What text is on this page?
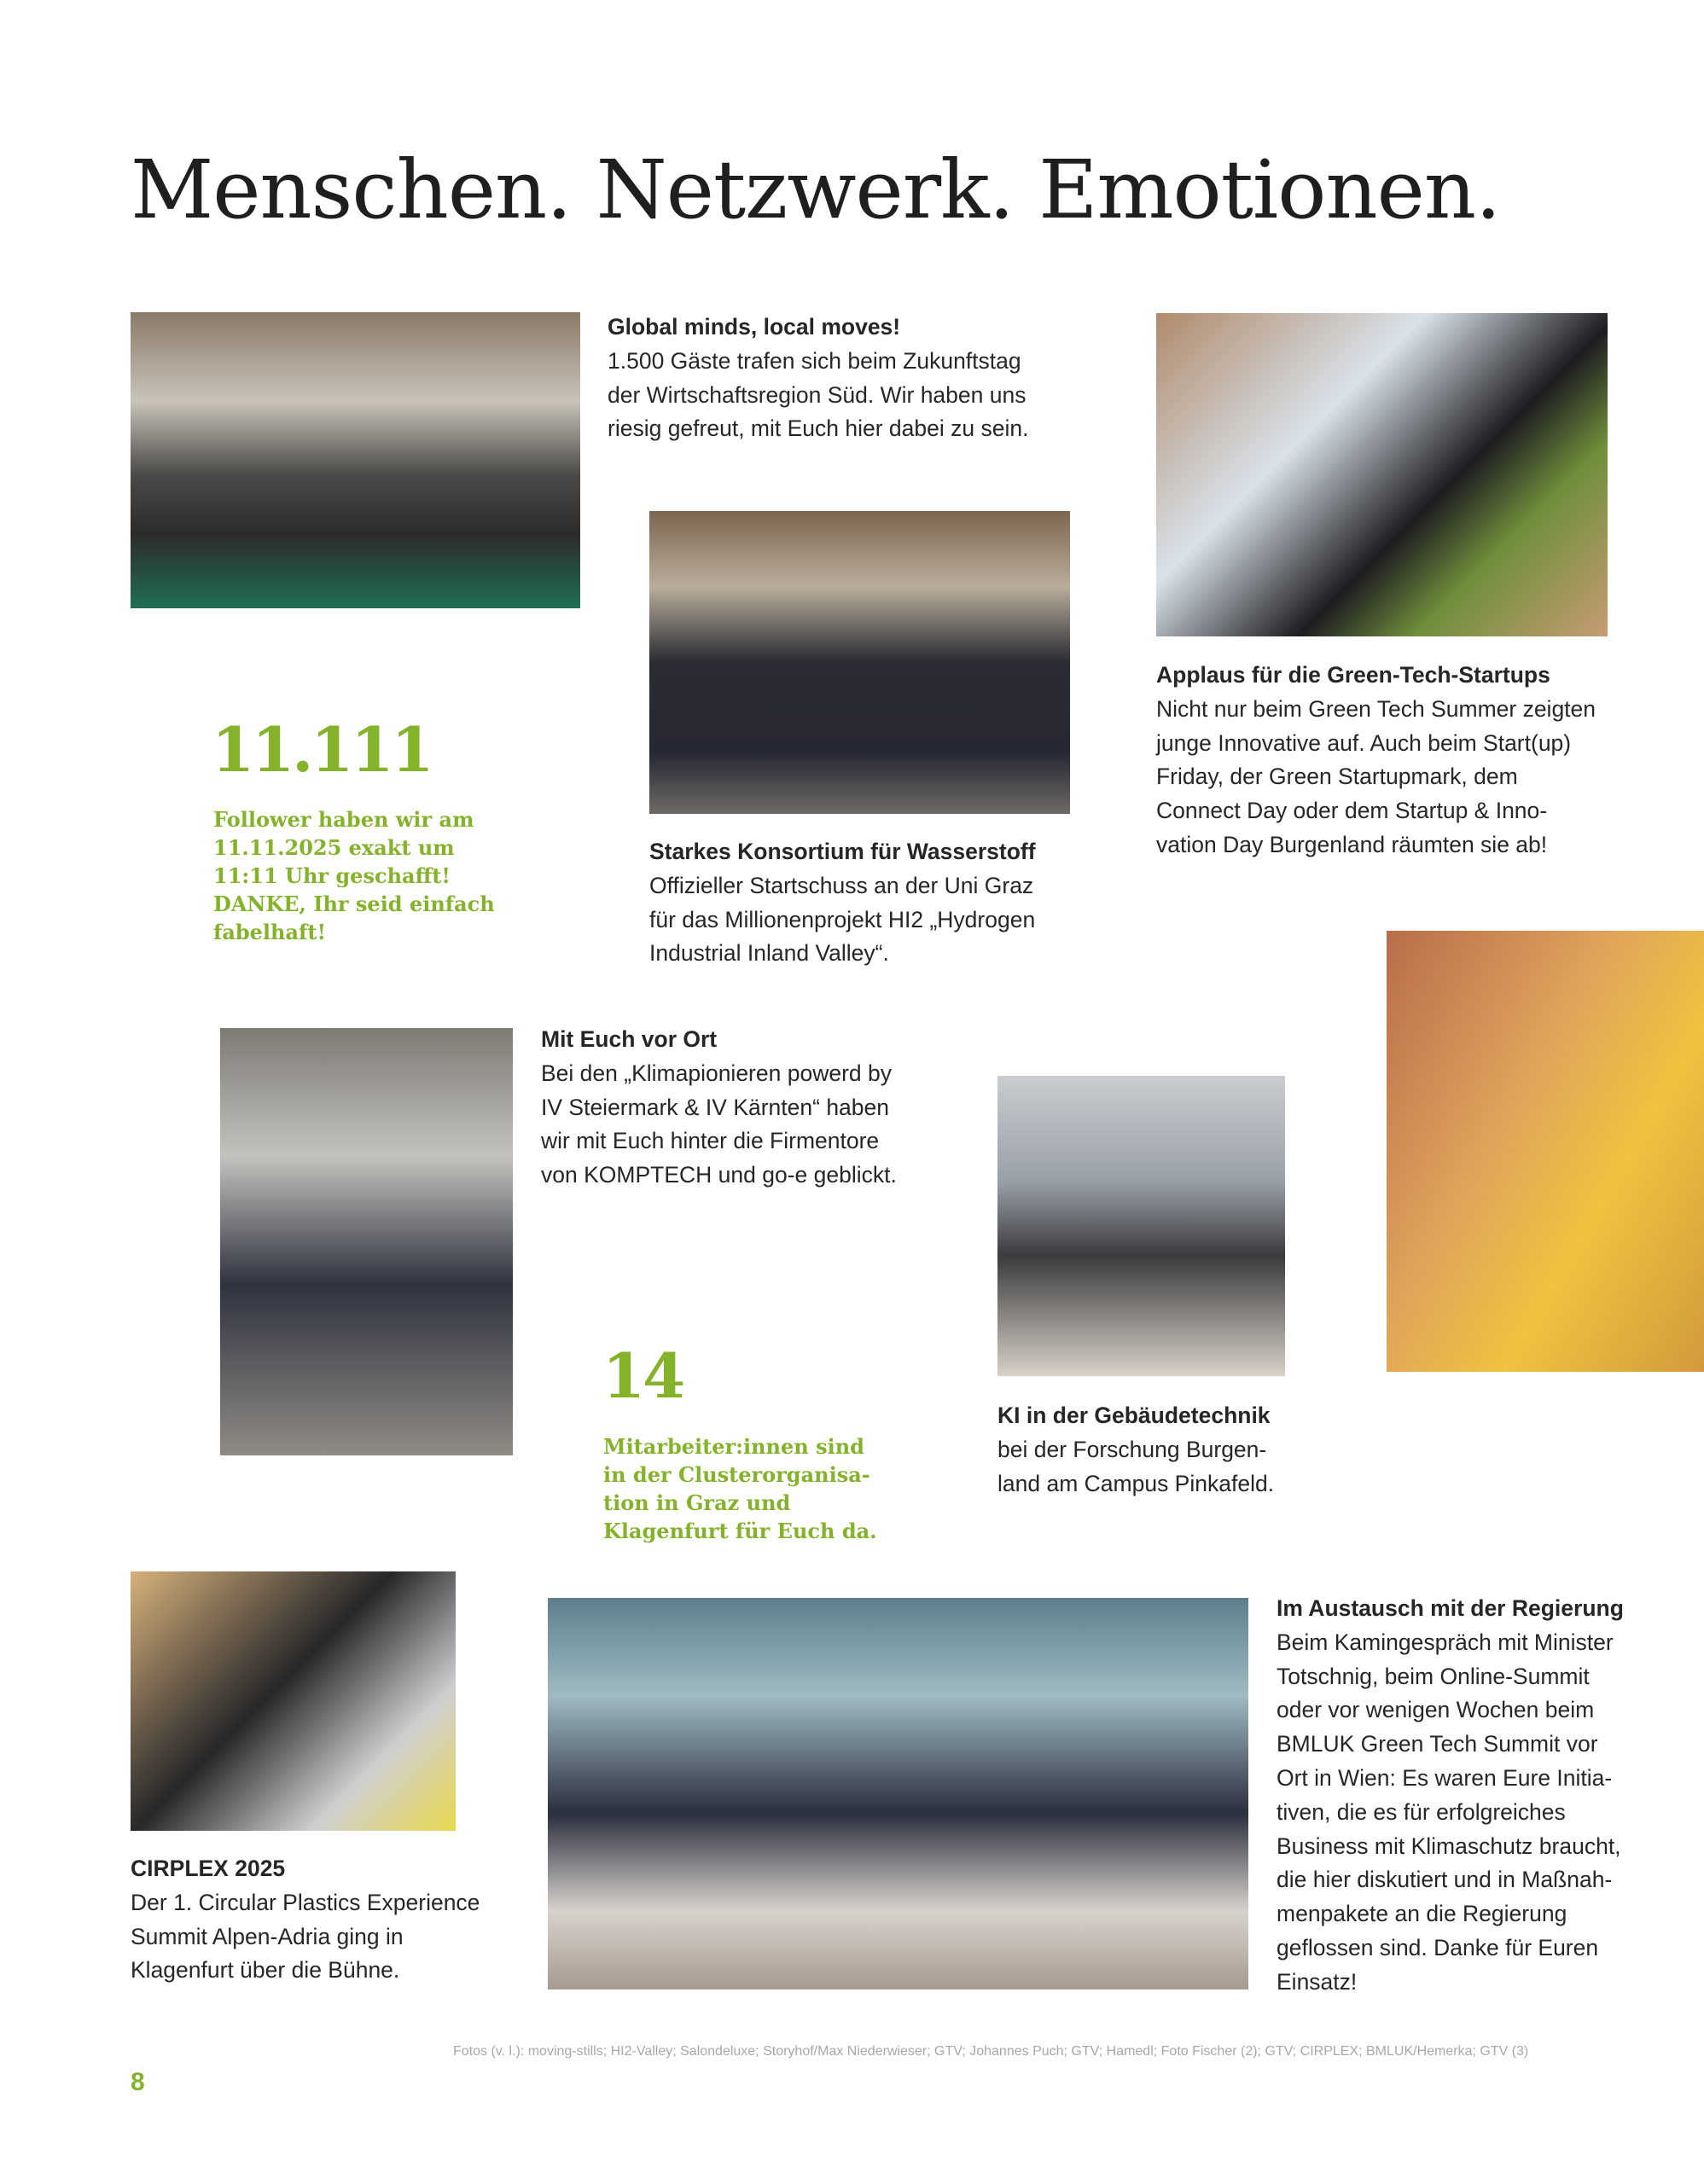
Menschen. Netzwerk. Emotionen.
Global minds, local moves!
1.500 Gäste trafen sich beim Zukunftstag
der Wirtschaftsregion Süd. Wir haben uns
riesig gefreut, mit Euch hier dabei zu sein.
Applaus für die Green-Tech-Startups
Nicht nur beim Green Tech Summer zeigten
junge Innovative auf. Auch beim Start(up)
Friday, der Green Startupmark, dem
Connect Day oder dem Startup & Inno-
vation Day Burgenland räumten sie ab!
Starkes Konsortium für Wasserstoff
Offizieller Startschuss an der Uni Graz
für das Millionenprojekt HI2 „Hydrogen
Industrial Inland Valley“.
11.111
Follower haben wir am
11.11.2025 exakt um
11:11 Uhr geschafft!
DANKE, Ihr seid einfach
fabelhaft!
Mit Euch vor Ort
Bei den „Klimapionieren powerd by
IV Steiermark & IV Kärnten“ haben
wir mit Euch hinter die Firmentore
von KOMPTECH und go-e geblickt.
KI in der Gebäudetechnik
bei der Forschung Burgen-
land am Campus Pinkafeld.
14
Mitarbeiter:innen sind
in der Clusterorganisa-
tion in Graz und
Klagenfurt für Euch da.
CIRPLEX 2025
Der 1. Circular Plastics Experience
Summit Alpen-Adria ging in
Klagenfurt über die Bühne.
Im Austausch mit der Regierung
Beim Kamingespräch mit Minister
Totschnig, beim Online-Summit
oder vor wenigen Wochen beim
BMLUK Green Tech Summit vor
Ort in Wien: Es waren Eure Initia-
tiven, die es für erfolgreiches
Business mit Klimaschutz braucht,
die hier diskutiert und in Maßnah-
menpakete an die Regierung
geflossen sind. Danke für Euren
Einsatz!
Fotos (v. l.): moving-stills; HI2-Valley; Salondeluxe; Storyhof/Max Niederwieser; GTV; Johannes Puch; GTV; Hamedl; Foto Fischer (2); GTV; CIRPLEX; BMLUK/Hemerka; GTV (3)
8
